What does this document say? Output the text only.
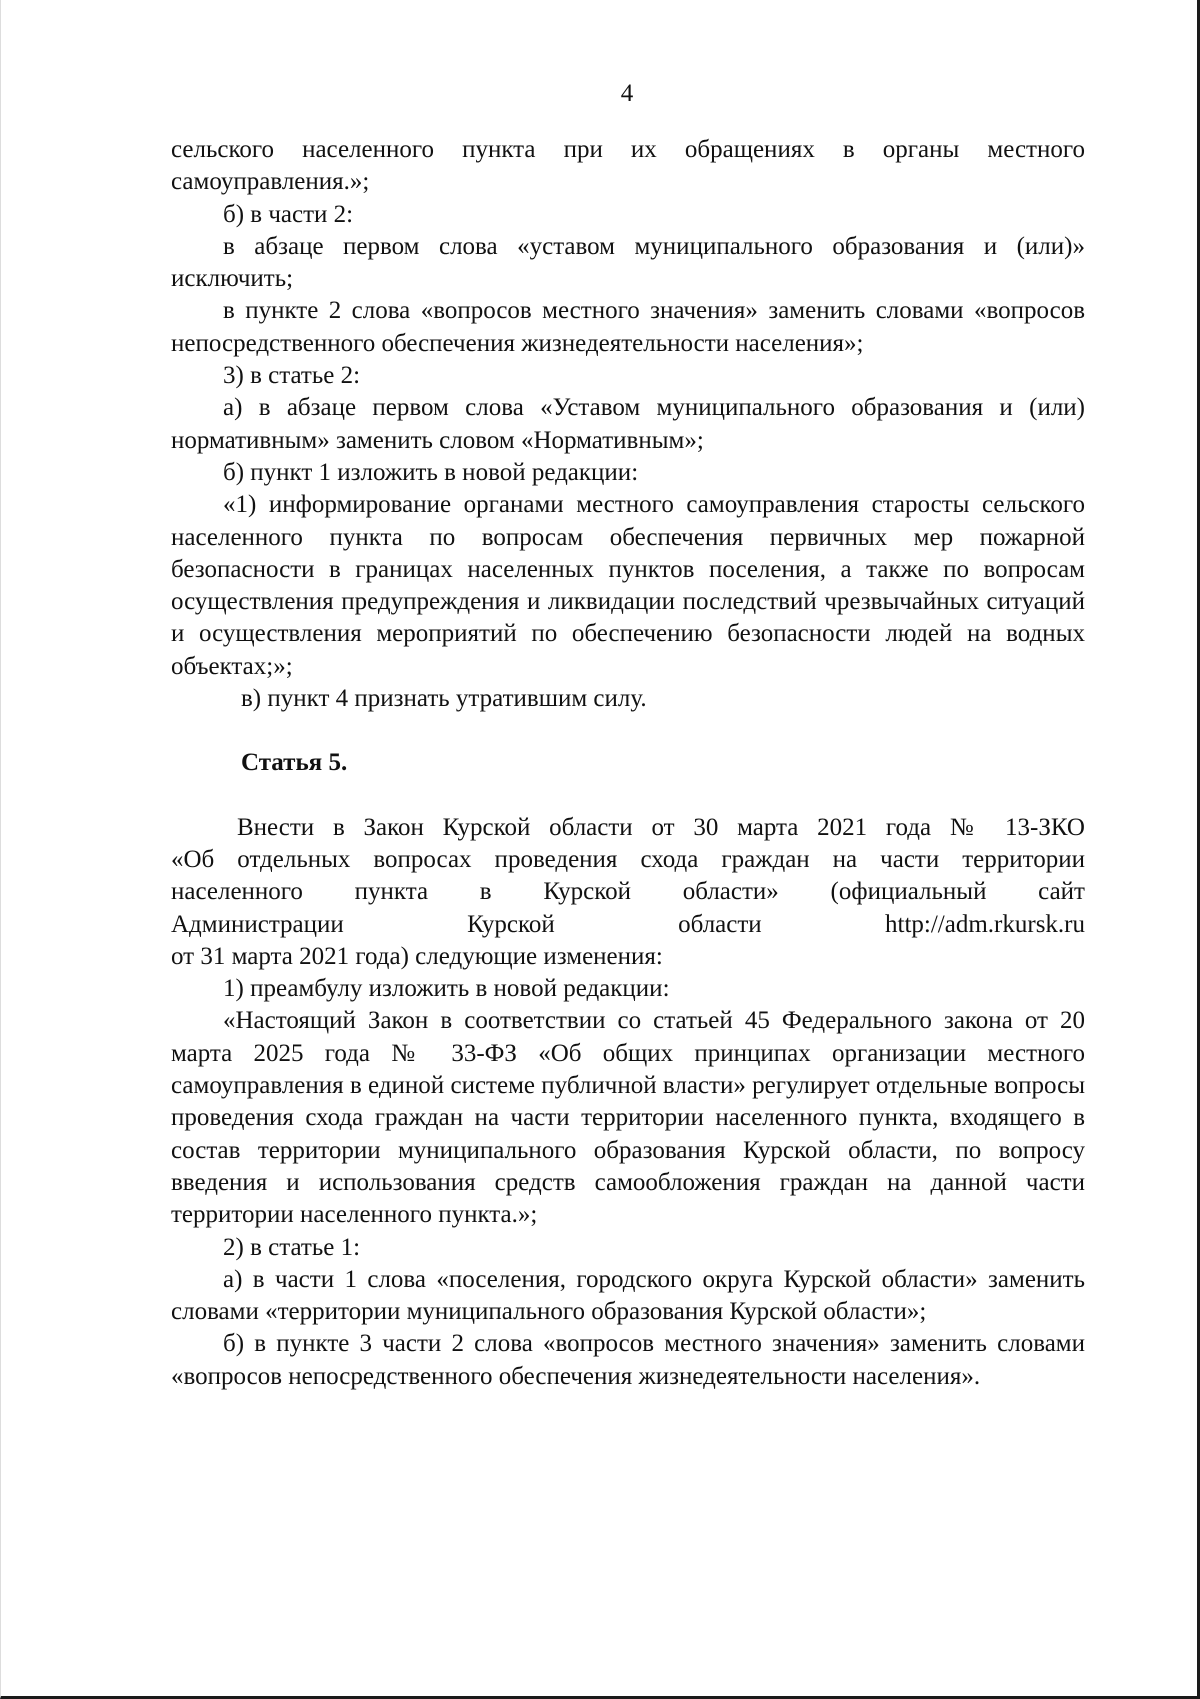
4

сельского населенного пункта при их обращениях в органы местного самоуправления.»;

б) в части 2:

в абзаце первом слова «уставом муниципального образования и (или)» исключить;

в пункте 2 слова «вопросов местного значения» заменить словами «вопросов непосредственного обеспечения жизнедеятельности населения»;

3) в статье 2:

а) в абзаце первом слова «Уставом муниципального образования и (или) нормативным» заменить словом «Нормативным»;

б) пункт 1 изложить в новой редакции:

«1) информирование органами местного самоуправления старосты сельского населенного пункта по вопросам обеспечения первичных мер пожарной безопасности в границах населенных пунктов поселения, а также по вопросам осуществления предупреждения и ликвидации последствий чрезвычайных ситуаций и осуществления мероприятий по обеспечению безопасности людей на водных объектах;»;

в) пункт 4 признать утратившим силу.

Статья 5.

Внести в Закон Курской области от 30 марта 2021 года № 13-ЗКО

«Об отдельных вопросах проведения схода граждан на части территории

населенного пункта в Курской области» (официальный сайт

Администрации Курской области http://adm.rkursk.ru

от 31 марта 2021 года) следующие изменения:

1) преамбулу изложить в новой редакции:

«Настоящий Закон в соответствии со статьей 45 Федерального закона от 20 марта 2025 года № 33-ФЗ «Об общих принципах организации местного самоуправления в единой системе публичной власти» регулирует отдельные вопросы проведения схода граждан на части территории населенного пункта, входящего в состав территории муниципального образования Курской области, по вопросу введения и использования средств самообложения граждан на данной части территории населенного пункта.»;

2) в статье 1:

а) в части 1 слова «поселения, городского округа Курской области» заменить словами «территории муниципального образования Курской области»;

б) в пункте 3 части 2 слова «вопросов местного значения» заменить словами «вопросов непосредственного обеспечения жизнедеятельности населения».
